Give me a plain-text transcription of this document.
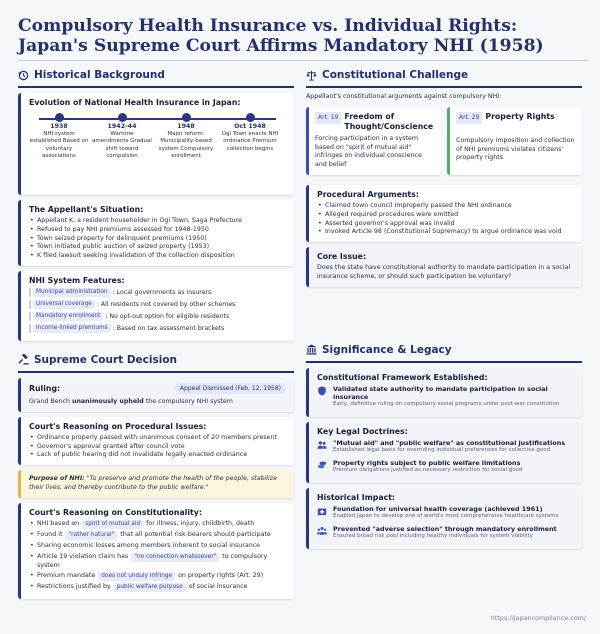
Compulsory Health Insurance vs. Individual Rights: Japan's Supreme Court Affirms Mandatory NHI (1958)
Historical Background
Evolution of National Health Insurance in Japan:
1938
NHI system established Based on voluntary associations
1942-44
Wartime amendments Gradual shift toward compulsion
1948
Major reform: Municipality-based system Compulsory enrollment
Oct 1948
Ogi Town enacts NHI ordinance Premium collection begins
The Appellant's Situation:
• Appellant K, a resident householder in Ogi Town, Saga Prefecture
• Refused to pay NHI premiums assessed for 1948-1950
• Town seized property for delinquent premiums (1950)
• Town initiated public auction of seized property (1953)
• K filed lawsuit seeking invalidation of the collection disposition
NHI System Features:
Municipal administration : Local governments as insurers
Universal coverage : All residents not covered by other schemes
Mandatory enrollment : No opt-out option for eligible residents
Income-linked premiums : Based on tax assessment brackets
Supreme Court Decision
Ruling:	Appeal Dismissed (Feb. 12, 1958)
Grand Bench unanimously upheld the compulsory NHI system
Court's Reasoning on Procedural Issues:
• Ordinance properly passed with unanimous consent of 20 members present
• Governor's approval granted after council vote
• Lack of public hearing did not invalidate legally enacted ordinance
Purpose of NHI: "To preserve and promote the health of the people, stabilize their lives, and thereby contribute to the public welfare."
Court's Reasoning on Constitutionality:
• NHI based on spirit of mutual aid for illness, injury, childbirth, death
• Found it "rather natural" that all potential risk-bearers should participate
• Sharing economic losses among members inherent to social insurance
• Article 19 violation claim has "no connection whatsoever" to compulsory system
• Premium mandate does not unduly infringe on property rights (Art. 29)
• Restrictions justified by public welfare purpose of social insurance
Constitutional Challenge
Appellant's constitutional arguments against compulsory NHI:
Art. 19 Freedom of Thought/Conscience
Forcing participation in a system based on "spirit of mutual aid" infringes on individual conscience and belief
Art. 29 Property Rights
Compulsory imposition and collection of NHI premiums violates citizens' property rights
Procedural Arguments:
• Claimed town council improperly passed the NHI ordinance
• Alleged required procedures were omitted
• Asserted governor's approval was invalid
• Invoked Article 98 (Constitutional Supremacy) to argue ordinance was void
Core Issue:
Does the state have constitutional authority to mandate participation in a social insurance scheme, or should such participation be voluntary?
Significance & Legacy
Constitutional Framework Established:
Validated state authority to mandate participation in social insurance
Early, definitive ruling on compulsory social programs under post-war constitution
Key Legal Doctrines:
"Mutual aid" and "public welfare" as constitutional justifications
Established legal basis for overriding individual preferences for collective good
Property rights subject to public welfare limitations
Premium obligations justified as necessary restriction for social good
Historical Impact:
Foundation for universal health coverage (achieved 1961)
Enabled Japan to develop one of world's most comprehensive healthcare systems
Prevented "adverse selection" through mandatory enrollment
Ensured broad risk pool including healthy individuals for system viability
https://japancompliance.com/
